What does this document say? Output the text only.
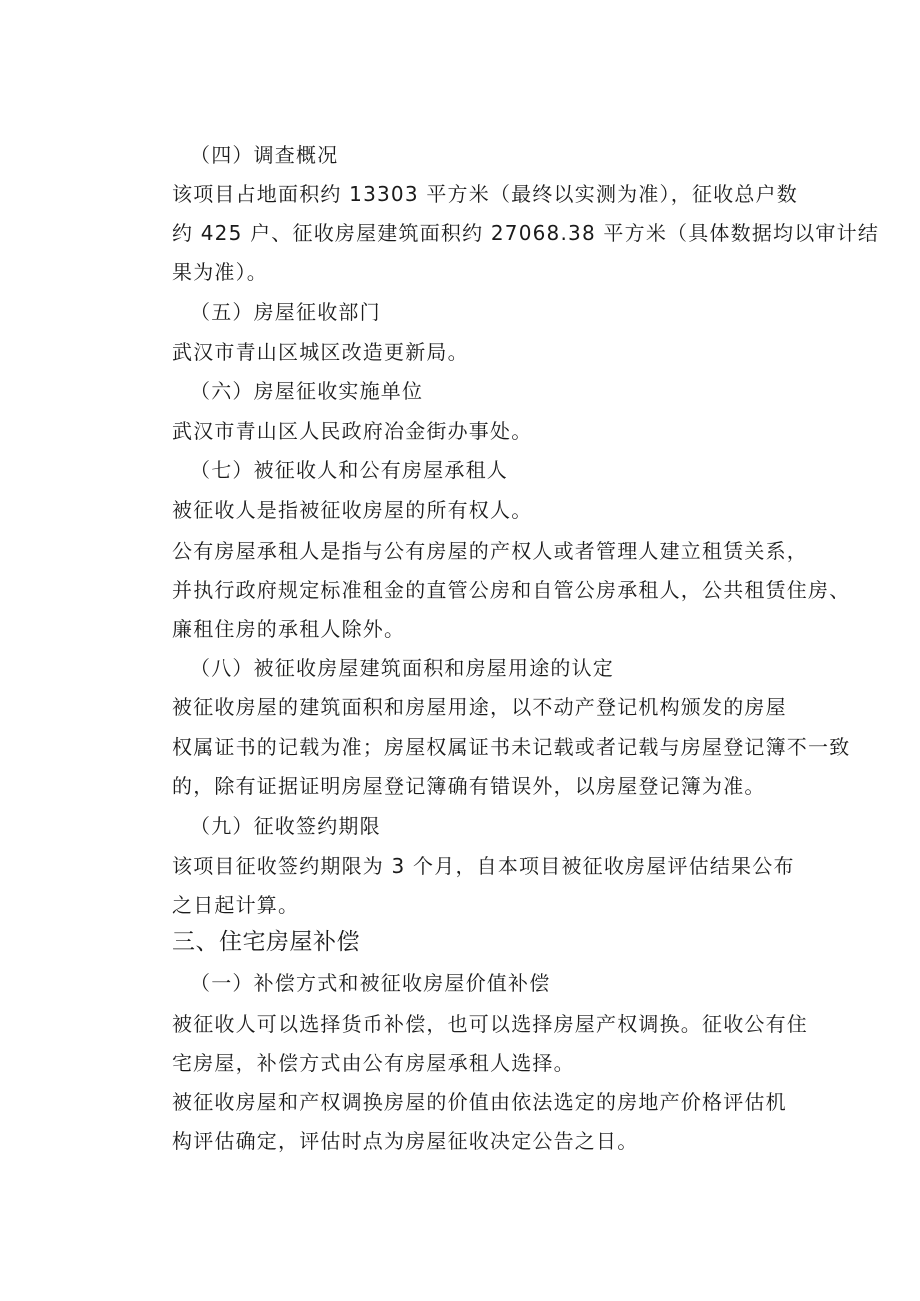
（四）调查概况

该项目占地面积约 13303 平方米（最终以实测为准），征收总户数

约 425 户、征收房屋建筑面积约 27068.38 平方米（具体数据均以审计结

果为准）。

（五）房屋征收部门

武汉市青山区城区改造更新局。

（六）房屋征收实施单位

武汉市青山区人民政府冶金街办事处。

（七）被征收人和公有房屋承租人

被征收人是指被征收房屋的所有权人。

公有房屋承租人是指与公有房屋的产权人或者管理人建立租赁关系，

并执行政府规定标准租金的直管公房和自管公房承租人，公共租赁住房、

廉租住房的承租人除外。

（八）被征收房屋建筑面积和房屋用途的认定

被征收房屋的建筑面积和房屋用途，以不动产登记机构颁发的房屋

权属证书的记载为准；房屋权属证书未记载或者记载与房屋登记簿不一致

的，除有证据证明房屋登记簿确有错误外，以房屋登记簿为准。

（九）征收签约期限

该项目征收签约期限为 3 个月，自本项目被征收房屋评估结果公布

之日起计算。

三、住宅房屋补偿

（一）补偿方式和被征收房屋价值补偿

被征收人可以选择货币补偿，也可以选择房屋产权调换。征收公有住

宅房屋，补偿方式由公有房屋承租人选择。

被征收房屋和产权调换房屋的价值由依法选定的房地产价格评估机

构评估确定，评估时点为房屋征收决定公告之日。
